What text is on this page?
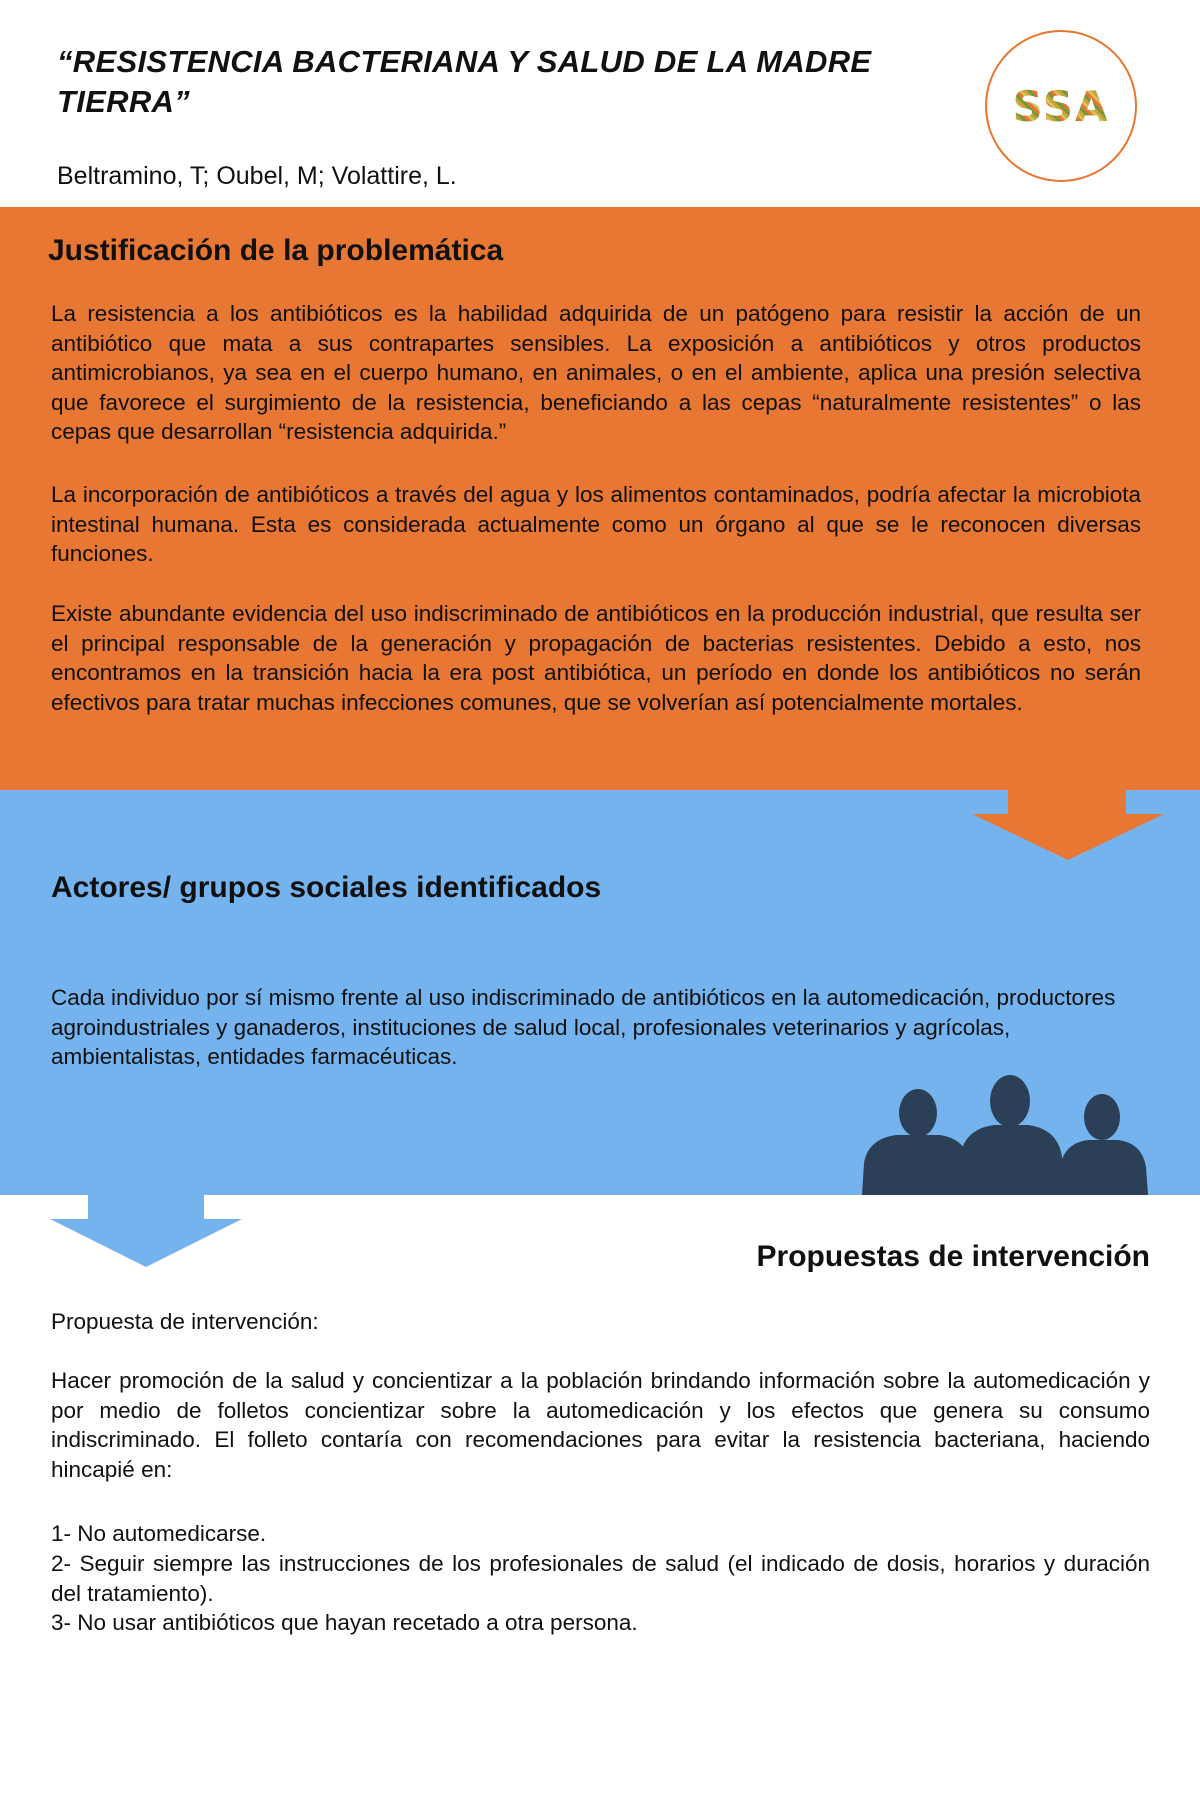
“RESISTENCIA BACTERIANA Y SALUD DE LA MADRE TIERRA”

Beltramino, T; Oubel, M; Volattire, L.

SSA
Justificación de la problemática

La resistencia a los antibióticos es la habilidad adquirida de un patógeno para resistir la acción de un antibiótico que mata a sus contrapartes sensibles. La exposición a antibióticos y otros productos antimicrobianos, ya sea en el cuerpo humano, en animales, o en el ambiente, aplica una presión selectiva que favorece el surgimiento de la resistencia, beneficiando a las cepas “naturalmente resistentes” o las cepas que desarrollan “resistencia adquirida.”

La incorporación de antibióticos a través del agua y los alimentos contaminados, podría afectar la microbiota intestinal humana. Esta es considerada actualmente como un órgano al que se le reconocen diversas funciones.

Existe abundante evidencia del uso indiscriminado de antibióticos en la producción industrial, que resulta ser el principal responsable de la generación y propagación de bacterias resistentes. Debido a esto, nos encontramos en la transición hacia la era post antibiótica, un período en donde los antibióticos no serán efectivos para tratar muchas infecciones comunes, que se volverían así potencialmente mortales.

Actores/ grupos sociales identificados

Cada individuo por sí mismo frente al uso indiscriminado de antibióticos en la automedicación, productores agroindustriales y ganaderos, instituciones de salud local, profesionales veterinarios y agrícolas, ambientalistas, entidades farmacéuticas.

Propuestas de intervención

Propuesta de intervención:

Hacer promoción de la salud y concientizar a la población brindando información sobre la automedicación y por medio de folletos concientizar sobre la automedicación y los efectos que genera su consumo indiscriminado. El folleto contaría con recomendaciones para evitar la resistencia bacteriana, haciendo hincapié en:

1- No automedicarse.

2- Seguir siempre las instrucciones de los profesionales de salud (el indicado de dosis, horarios y duración del tratamiento).

3- No usar antibióticos que hayan recetado a otra persona.
